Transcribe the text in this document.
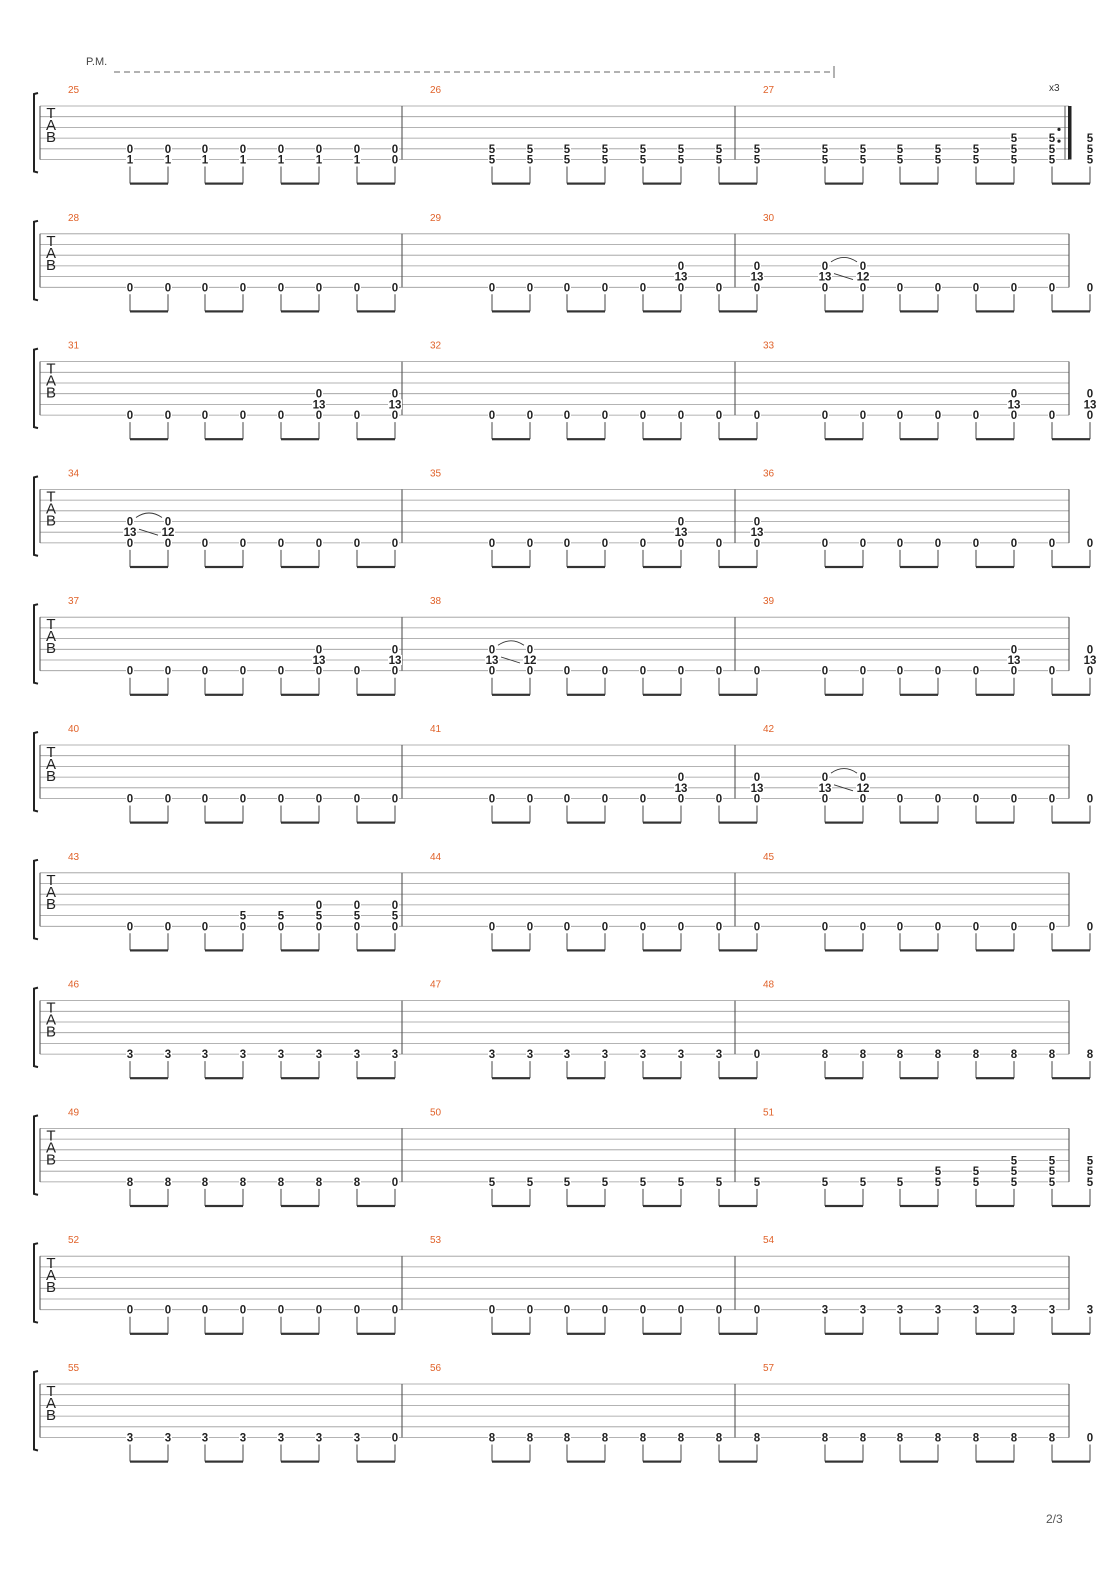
P.M.
x3
T
A
B
25
1
0
1
0
1
0
1
0
1
0
1
0
1
0
0
0
26
5
5
5
5
5
5
5
5
5
5
5
5
5
5
5
5
27
5
5
5
5
5
5
5
5
5
5
5
5
5
5
5
5
5
5
5
T
A
B
28
0	0	0	0	0	0	0	0
29
0	0	0	0	0	0
13
0
0	0
13
0
30
0
13
0
0
12
0
0	0	0	0	0	0
T
A
B
31
0	0	0	0	0	0
13
0
0	0
13
0
32
0	0	0	0	0	0	0	0
33
0	0	0	0	0	0
13
0
0	0
13
0
T
A
B
34
0
13
0
0
12
0
0	0	0	0	0	0
35
0	0	0	0	0	0
13
0
0	0
13
0
36
0	0	0	0	0	0	0	0
T
A
B
37
0	0	0	0	0	0
13
0
0	0
13
0
38
0
13
0
0
12
0
0	0	0	0	0	0
39
0	0	0	0	0	0
13
0
0	0
13
0
T
A
B
40
0	0	0	0	0	0	0	0
41
0	0	0	0	0	0
13
0
0	0
13
0
42
0
13
0
0
12
0
0	0	0	0	0	0
T
A
B
43
0	0	0	0
5
0
5
0
5
0
0
5
0
0
5
0
44
0	0	0	0	0	0	0	0
45
0	0	0	0	0	0	0	0
T
A
B
46
3	3	3	3	3	3	3	3
47
3	3	3	3	3	3	3	0
48
8	8	8	8	8	8	8	8
T
A
B
49
8	8	8	8	8	8	8	0
50
5	5	5	5	5	5	5	5
51
5	5	5	5
5
5
5
5
5
5
5
5
5
5
5
5
T
A
B
52
0	0	0	0	0	0	0	0
53
0	0	0	0	0	0	0	0
54
3	3	3	3	3	3	3	3
T
A
B
55
3	3	3	3	3	3	3	0
56
8	8	8	8	8	8	8	8
57
8	8	8	8	8	8	8	0
2/3
